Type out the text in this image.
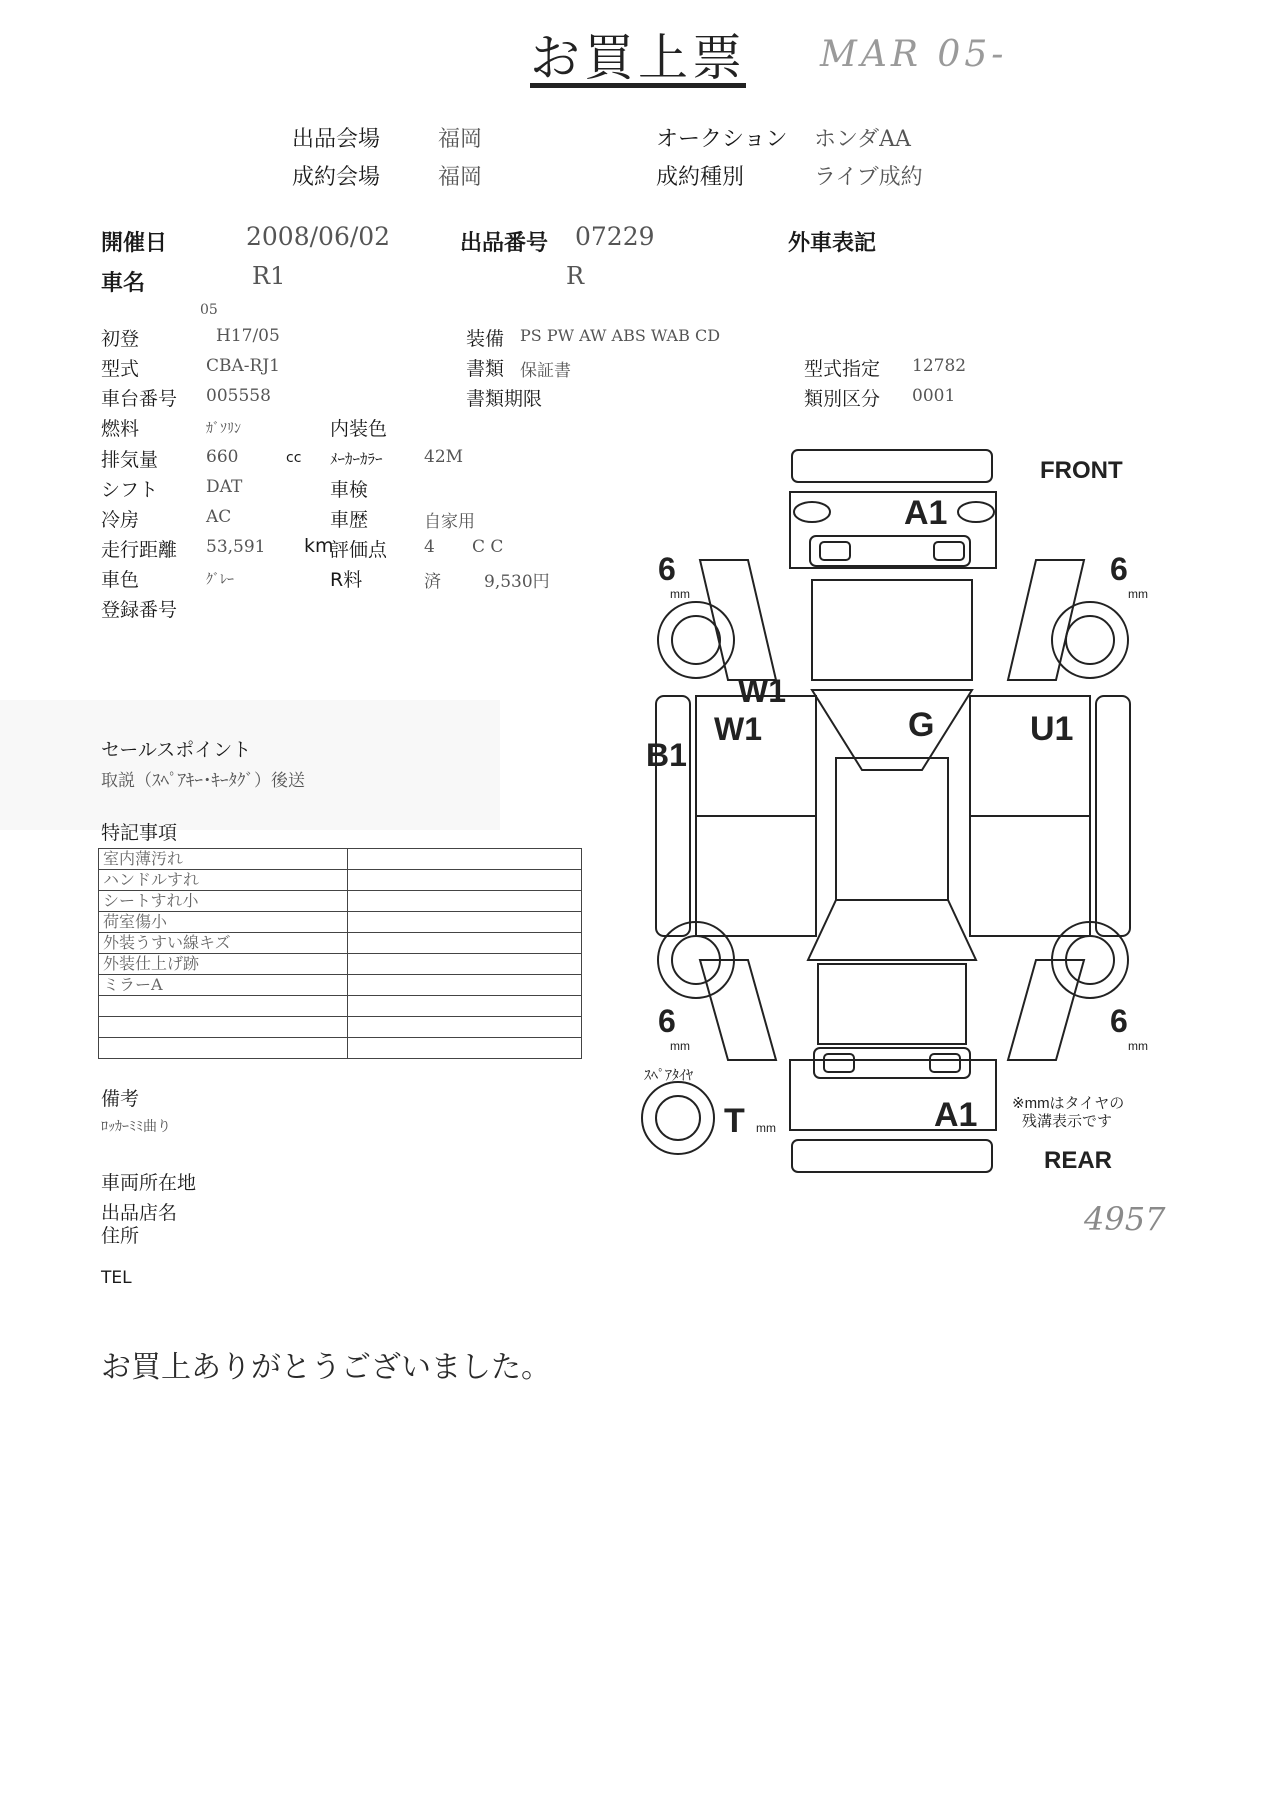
お買上票 MAR 05-
出品会場	福岡	オークション ホンダAA
成約会場	福岡	成約種別	ライブ成約
開催日	2008/06/02	出品番号 07229	外車表記
車名	R1	R
05
初登	H17/05
型式	CBA-RJ1
車台番号 005558
燃料	ｶﾞｿﾘﾝ
排気量	660	cc
シフト	DAT
冷房	AC
走行距離 53,591 km
車色	ｸﾞﾚｰ
登録番号
内装色
ﾒｰｶｰｶﾗｰ 42M
車検
車歴	自家用
評価点 4 C C
R料	済	9,530円
装備 PS PW AW ABS WAB CD
書類 保証書
書類期限
型式指定 12782
類別区分 0001
セールスポイント
取説（ｽﾍﾟｱｷｰ･ｷｰﾀｸﾞ）後送
特記事項
室内薄汚れ	
ハンドルすれ	
シートすれ小	
荷室傷小	
外装うすい線キズ	
外装仕上げ跡	
ミラーA	

備考
ﾛｯｶｰﾐﾐ曲り
車両所在地
出品店名
住所
TEL
お買上ありがとうございました。
4957
FRONT
REAR
A1
A1
G
W1
W1
B1
U1
6
mm
6
mm
6
mm
6
mm
ｽﾍﾟｱﾀｲﾔ
T mm
※mmはタイヤの
残溝表示です
